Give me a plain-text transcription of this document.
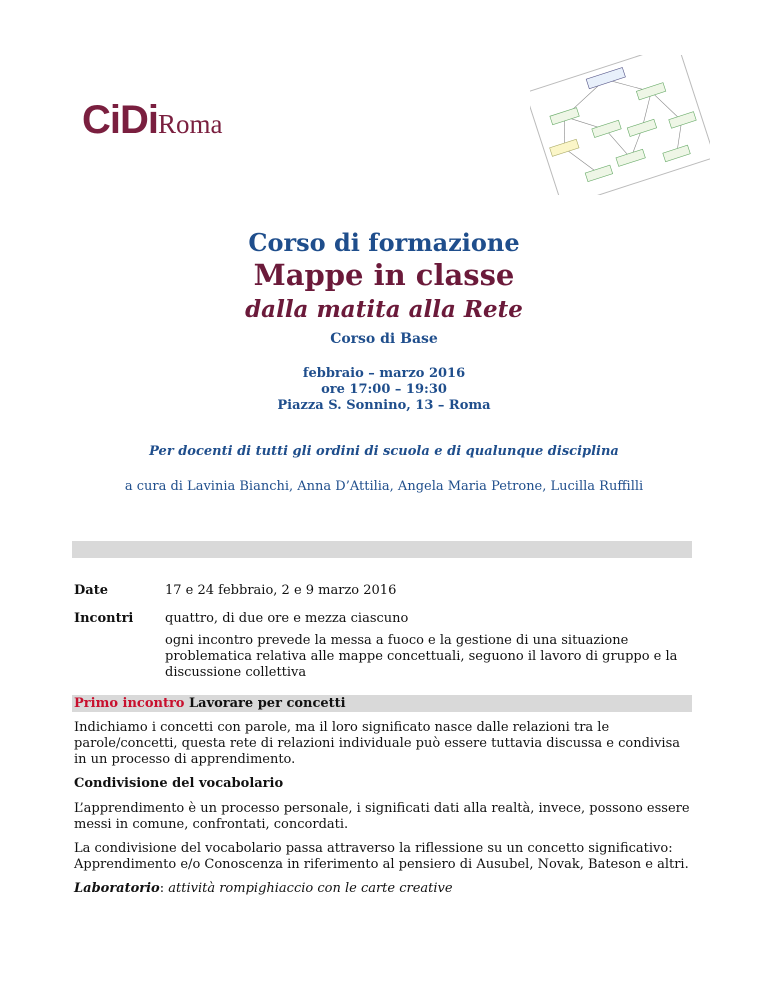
CiDiRoma
Corso di formazione
Mappe in classe
dalla matita alla Rete
Corso di Base
febbraio – marzo 2016
ore 17:00 – 19:30
Piazza S. Sonnino, 13 – Roma
Per docenti di tutti gli ordini di scuola e di qualunque disciplina
a cura di Lavinia Bianchi, Anna D’Attilia, Angela Maria Petrone, Lucilla Ruffilli
Date	17 e 24 febbraio, 2 e 9 marzo 2016
Incontri quattro, di due ore e mezza ciascuno
ogni incontro prevede la messa a fuoco e la gestione di una situazione problematica relativa alle mappe concettuali, seguono il lavoro di gruppo e la discussione collettiva
Primo incontro Lavorare per concetti
Indichiamo i concetti con parole, ma il loro significato nasce dalle relazioni tra le parole/concetti, questa rete di relazioni individuale può essere tuttavia discussa e condivisa in un processo di apprendimento.
Condivisione del vocabolario
L’apprendimento è un processo personale, i significati dati alla realtà, invece, possono essere messi in comune, confrontati, concordati.
La condivisione del vocabolario passa attraverso la riflessione su un concetto significativo: Apprendimento e/o Conoscenza in riferimento al pensiero di Ausubel, Novak, Bateson e altri.
Laboratorio: attività rompighiaccio con le carte creative
